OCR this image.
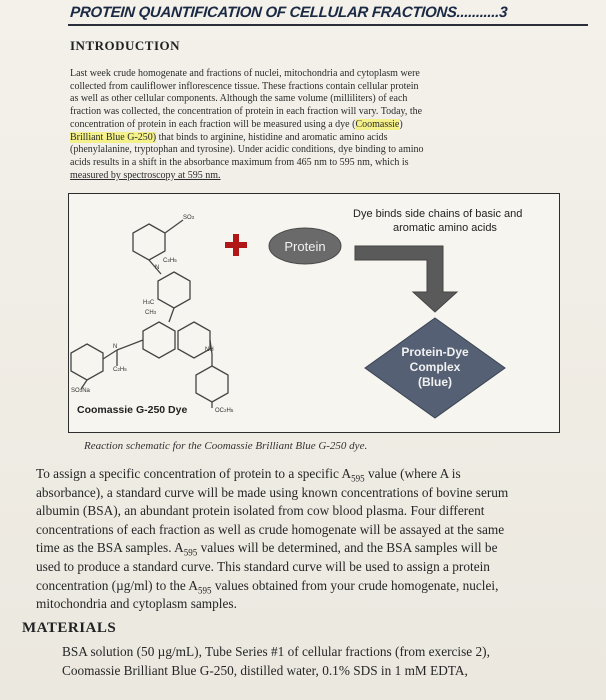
PROTEIN QUANTIFICATION OF CELLULAR FRACTIONS...........3
INTRODUCTION
Last week crude homogenate and fractions of nuclei, mitochondria and cytoplasm were
collected from cauliflower inflorescence tissue. These fractions contain cellular protein
as well as other cellular components. Although the same volume (milliliters) of each
fraction was collected, the concentration of protein in each fraction will vary. Today, the
concentration of protein in each fraction will be measured using a dye (Coomassie)
Brilliant Blue G-250) that binds to arginine, histidine and aromatic amino acids
(phenylalanine, tryptophan and tyrosine). Under acidic conditions, dye binding to amino
acids results in a shift in the absorbance maximum from 465 nm to 595 nm, which is
measured by spectroscopy at 595 nm.
SO3
C2H5
N
H3C
CH3
N
C2H5
NH
SO3Na
OC2H5
Protein
Dye binds side chains of basic and
aromatic amino acids
Protein-Dye
Complex
(Blue)
Coomassie G-250 Dye
Reaction schematic for the Coomassie Brilliant Blue G-250 dye.
To assign a specific concentration of protein to a specific $A_{595}$ value (where A is
absorbance), a standard curve will be made using known concentrations of bovine serum
albumin (BSA), an abundant protein isolated from cow blood plasma. Four different
concentrations of each fraction as well as crude homogenate will be assayed at the same
time as the BSA samples. $A_{595}$ values will be determined, and the BSA samples will be
used to produce a standard curve. This standard curve will be used to assign a protein
concentration (µg/ml) to the $A_{595}$ values obtained from your crude homogenate, nuclei,
mitochondria and cytoplasm samples.
MATERIALS
BSA solution (50 µg/mL), Tube Series #1 of cellular fractions (from exercise 2),
Coomassie Brilliant Blue G-250, distilled water, 0.1% SDS in 1 mM EDTA,
